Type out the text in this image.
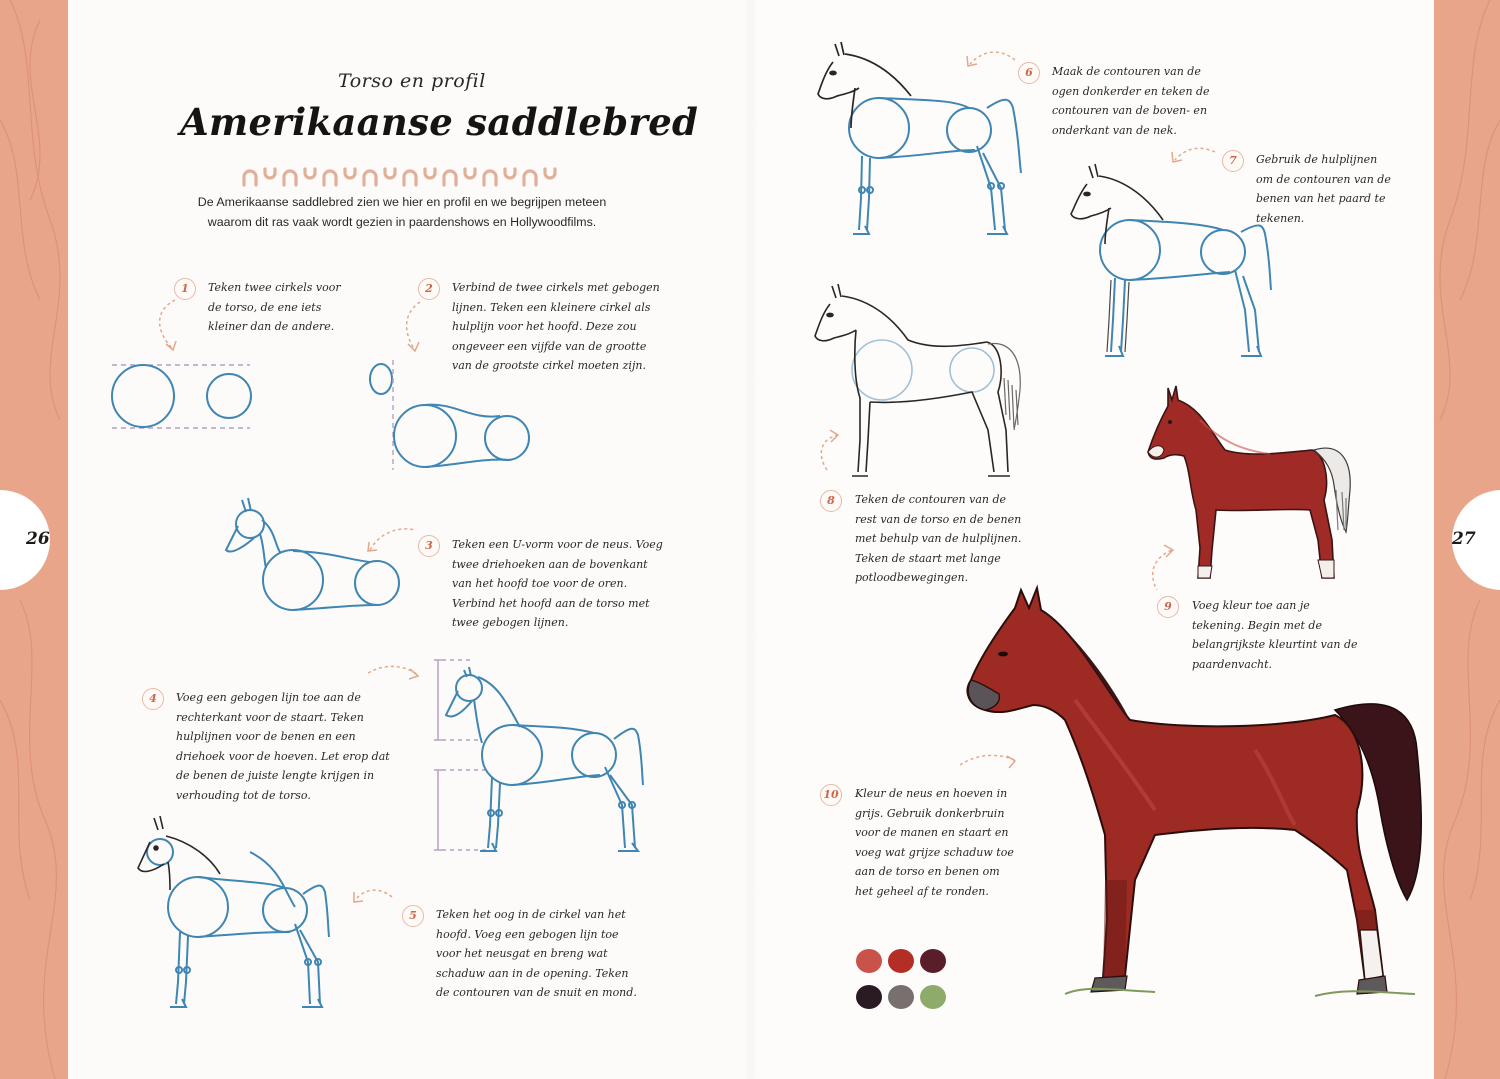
26	27
Torso en profil
Amerikaanse saddlebred
De Amerikaanse saddlebred zien we hier en profil en we begrijpen meteen waarom dit ras vaak wordt gezien in paardenshows en Hollywoodfilms.
1	Teken twee cirkels voor de torso, de ene iets kleiner dan de andere.
2	Verbind de twee cirkels met gebogen lijnen. Teken een kleinere cirkel als hulplijn voor het hoofd. Deze zou ongeveer een vijfde van de grootte van de grootste cirkel moeten zijn.
3	Teken een U-vorm voor de neus. Voeg twee driehoeken aan de bovenkant van het hoofd toe voor de oren. Verbind het hoofd aan de torso met twee gebogen lijnen.
4	Voeg een gebogen lijn toe aan de rechterkant voor de staart. Teken hulplijnen voor de benen en een driehoek voor de hoeven. Let erop dat de benen de juiste lengte krijgen in verhouding tot de torso.
5	Teken het oog in de cirkel van het hoofd. Voeg een gebogen lijn toe voor het neusgat en breng wat schaduw aan in de opening. Teken de contouren van de snuit en mond.
6	Maak de contouren van de ogen donkerder en teken de contouren van de boven- en onderkant van de nek.
7	Gebruik de hulplijnen om de contouren van de benen van het paard te tekenen.
8	Teken de contouren van de rest van de torso en de benen met behulp van de hulplijnen. Teken de staart met lange potloodbewegingen.
9	Voeg kleur toe aan je tekening. Begin met de belangrijkste kleurtint van de paardenvacht.
10	Kleur de neus en hoeven in grijs. Gebruik donkerbruin voor de manen en staart en voeg wat grijze schaduw toe aan de torso en benen om het geheel af te ronden.
